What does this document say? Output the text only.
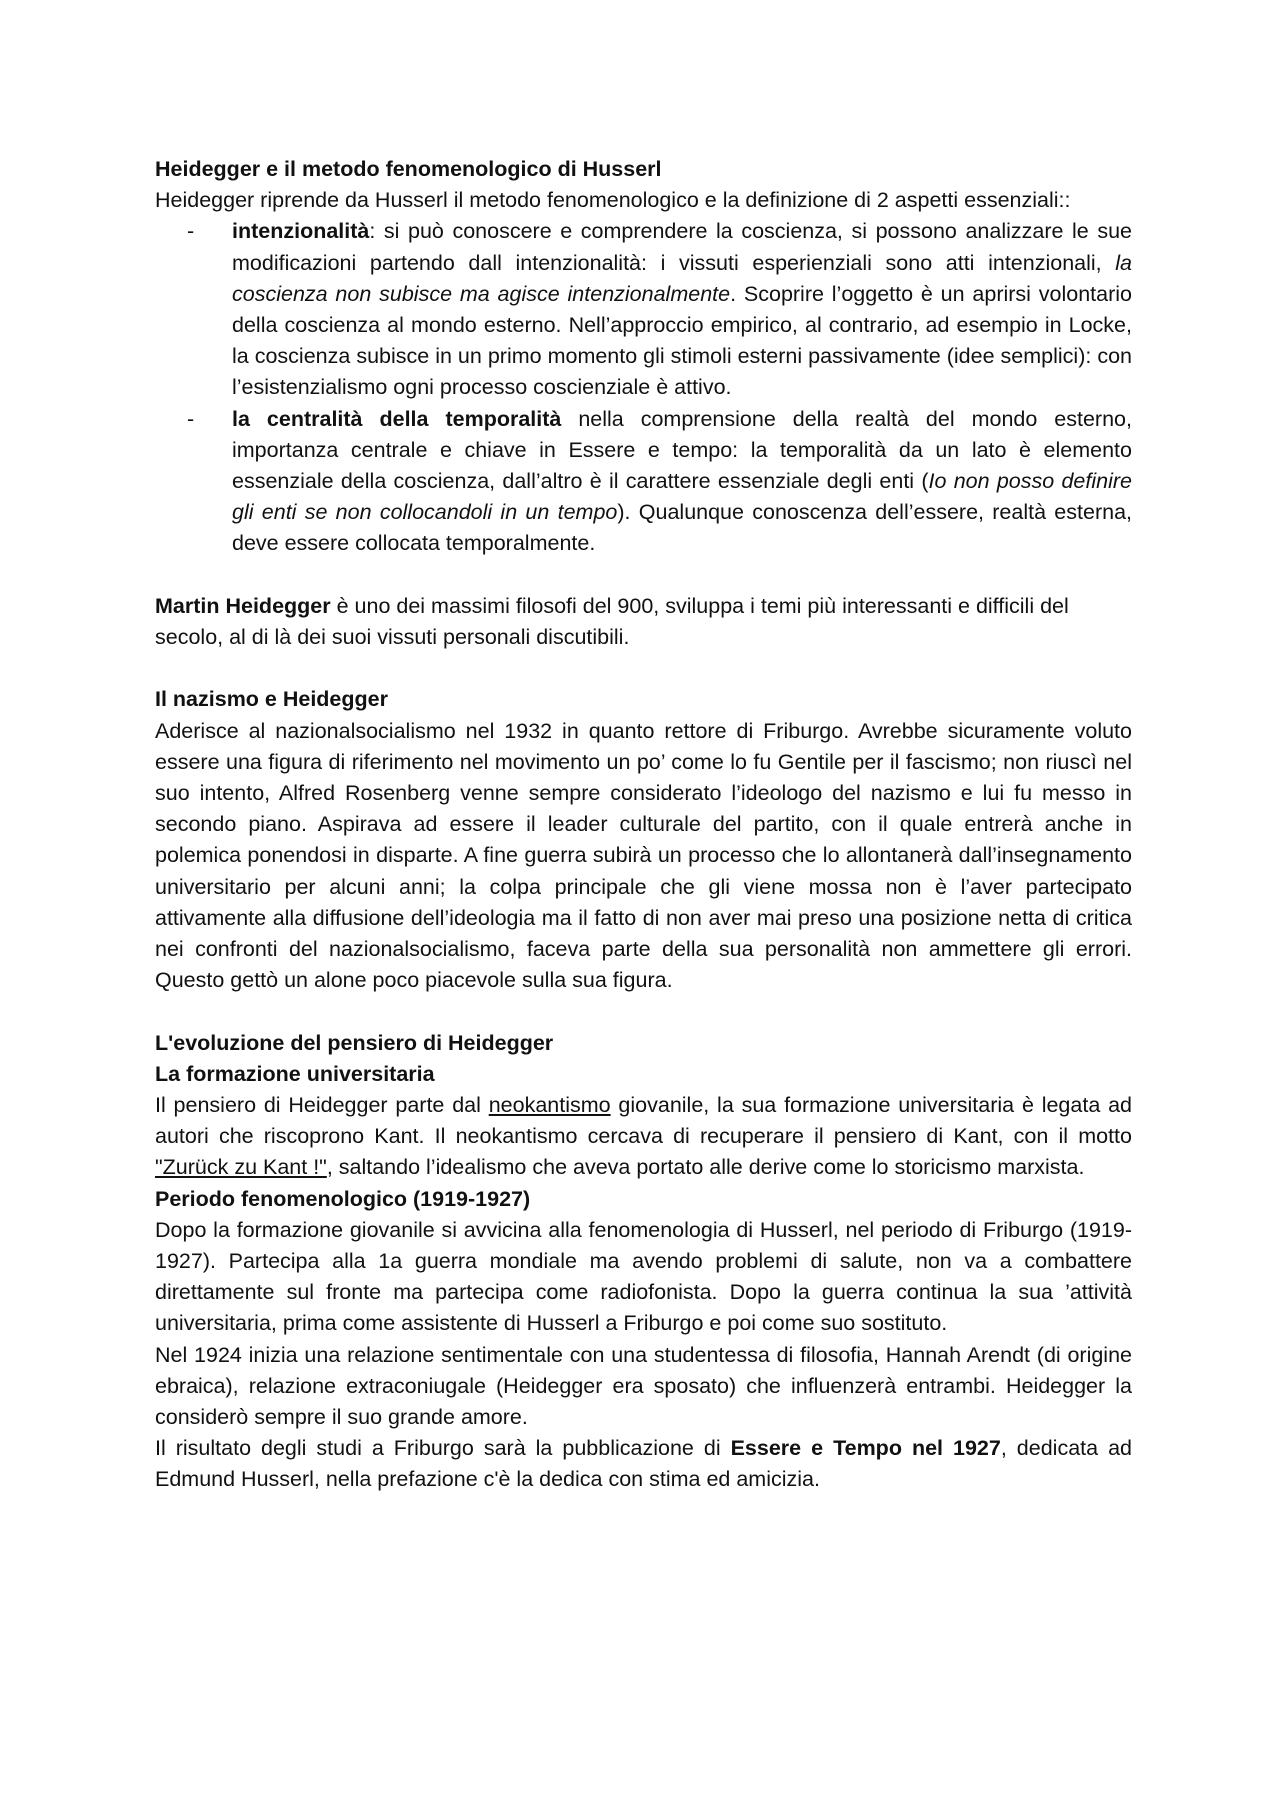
Heidegger e il metodo fenomenologico di Husserl

Heidegger riprende da Husserl il metodo fenomenologico e la definizione di 2 aspetti essenziali::

- intenzionalità: si può conoscere e comprendere la coscienza, si possono analizzare le sue modificazioni partendo dall intenzionalità: i vissuti esperienziali sono atti intenzionali, la coscienza non subisce ma agisce intenzionalmente. Scoprire l’oggetto è un aprirsi volontario della coscienza al mondo esterno. Nell’approccio empirico, al contrario, ad esempio in Locke, la coscienza subisce in un primo momento gli stimoli esterni passivamente (idee semplici): con l’esistenzialismo ogni processo coscienziale è attivo.
- la centralità della temporalità nella comprensione della realtà del mondo esterno, importanza centrale e chiave in Essere e tempo: la temporalità da un lato è elemento essenziale della coscienza, dall’altro è il carattere essenziale degli enti (Io non posso definire gli enti se non collocandoli in un tempo). Qualunque conoscenza dell’essere, realtà esterna, deve essere collocata temporalmente.

Martin Heidegger è uno dei massimi filosofi del 900, sviluppa i temi più interessanti e difficili del secolo, al di là dei suoi vissuti personali discutibili.

Il nazismo e Heidegger

Aderisce al nazionalsocialismo nel 1932 in quanto rettore di Friburgo. Avrebbe sicuramente voluto essere una figura di riferimento nel movimento un po’ come lo fu Gentile per il fascismo; non riuscì nel suo intento, Alfred Rosenberg venne sempre considerato l’ideologo del nazismo e lui fu messo in secondo piano. Aspirava ad essere il leader culturale del partito, con il quale entrerà anche in polemica ponendosi in disparte. A fine guerra subirà un processo che lo allontanerà dall’insegnamento universitario per alcuni anni; la colpa principale che gli viene mossa non è l’aver partecipato attivamente alla diffusione dell’ideologia ma il fatto di non aver mai preso una posizione netta di critica nei confronti del nazionalsocialismo, faceva parte della sua personalità non ammettere gli errori. Questo gettò un alone poco piacevole sulla sua figura.

L'evoluzione del pensiero di Heidegger

La formazione universitaria

Il pensiero di Heidegger parte dal neokantismo giovanile, la sua formazione universitaria è legata ad autori che riscoprono Kant. Il neokantismo cercava di recuperare il pensiero di Kant, con il motto "Zurück zu Kant !", saltando l’idealismo che aveva portato alle derive come lo storicismo marxista.

Periodo fenomenologico (1919-1927)

Dopo la formazione giovanile si avvicina alla fenomenologia di Husserl, nel periodo di Friburgo (1919-1927). Partecipa alla 1a guerra mondiale ma avendo problemi di salute, non va a combattere direttamente sul fronte ma partecipa come radiofonista. Dopo la guerra continua la sua ’attività universitaria, prima come assistente di Husserl a Friburgo e poi come suo sostituto.

Nel 1924 inizia una relazione sentimentale con una studentessa di filosofia, Hannah Arendt (di origine ebraica), relazione extraconiugale (Heidegger era sposato) che influenzerà entrambi. Heidegger la considerò sempre il suo grande amore.

Il risultato degli studi a Friburgo sarà la pubblicazione di Essere e Tempo nel 1927, dedicata ad Edmund Husserl, nella prefazione c'è la dedica con stima ed amicizia.
